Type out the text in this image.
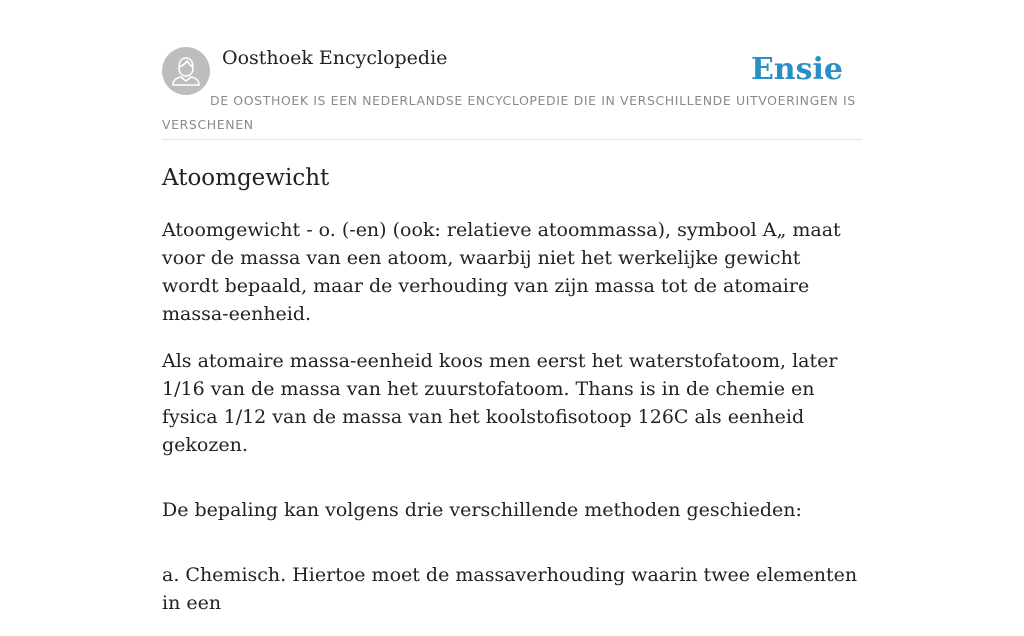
Oosthoek Encyclopedie	Ensie
DE OOSTHOEK IS EEN NEDERLANDSE ENCYCLOPEDIE DIE IN VERSCHILLENDE UITVOERINGEN IS VERSCHENEN
Atoomgewicht

Atoomgewicht - o. (-en) (ook: relatieve atoommassa), symbool A„ maat voor de massa van een atoom, waarbij niet het werkelijke gewicht wordt bepaald, maar de verhouding van zijn massa tot de atomaire massa-eenheid.

Als atomaire massa-eenheid koos men eerst het waterstofatoom, later 1/16 van de massa van het zuurstofatoom. Thans is in de chemie en fysica 1/12 van de massa van het koolstofisotoop 126C als eenheid gekozen.

De bepaling kan volgens drie verschillende methoden geschieden:

a. Chemisch. Hiertoe moet de massaverhouding waarin twee elementen in een
